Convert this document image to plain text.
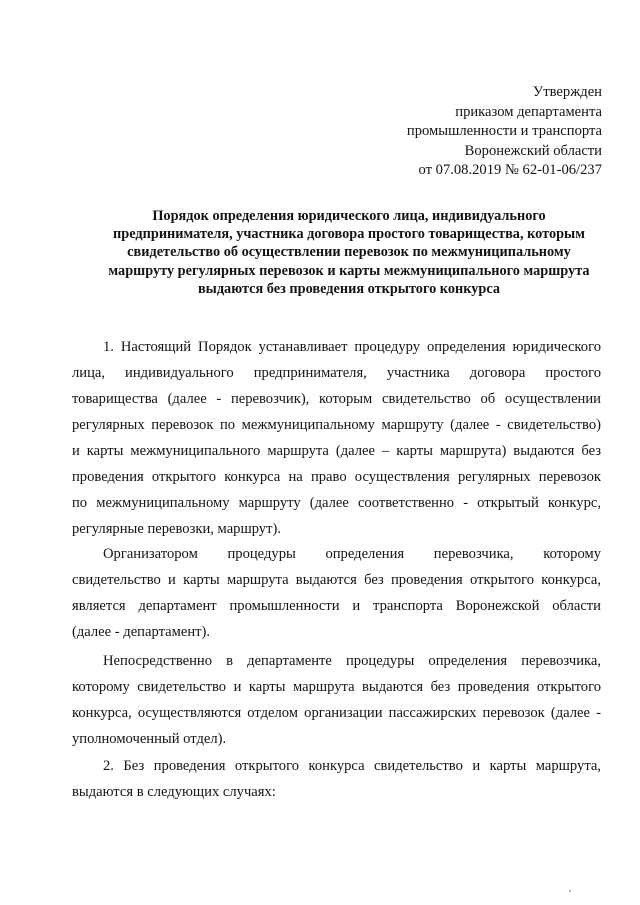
Утвержден
приказом департамента
промышленности и транспорта
Воронежский области
от 07.08.2019 № 62-01-06/237
Порядок определения юридического лица, индивидуального
предпринимателя, участника договора простого товарищества, которым
свидетельство об осуществлении перевозок по межмуниципальному
маршруту регулярных перевозок и карты межмуниципального маршрута
выдаются без проведения открытого конкурса
1. Настоящий Порядок устанавливает процедуру определения юридического
лица, индивидуального предпринимателя, участника договора простого
товарищества (далее - перевозчик), которым свидетельство об осуществлении
регулярных перевозок по межмуниципальному маршруту (далее - свидетельство)
и карты межмуниципального маршрута (далее – карты маршрута) выдаются без
проведения открытого конкурса на право осуществления регулярных перевозок
по межмуниципальному маршруту (далее соответственно - открытый конкурс,
регулярные перевозки, маршрут).
Организатором процедуры определения перевозчика, которому
свидетельство и карты маршрута выдаются без проведения открытого конкурса,
является департамент промышленности и транспорта Воронежской области
(далее - департамент).
Непосредственно в департаменте процедуры определения перевозчика,
которому свидетельство и карты маршрута выдаются без проведения открытого
конкурса, осуществляются отделом организации пассажирских перевозок (далее -
уполномоченный отдел).
2. Без проведения открытого конкурса свидетельство и карты маршрута,
выдаются в следующих случаях:
